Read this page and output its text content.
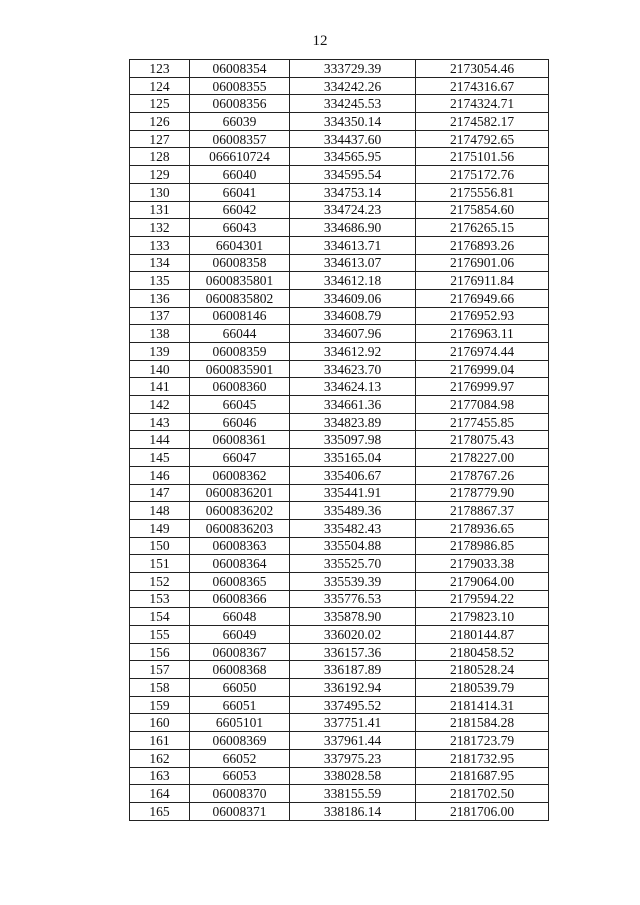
12
123	06008354	333729.39	2173054.46
124	06008355	334242.26	2174316.67
125	06008356	334245.53	2174324.71
126	66039	334350.14	2174582.17
127	06008357	334437.60	2174792.65
128	066610724	334565.95	2175101.56
129	66040	334595.54	2175172.76
130	66041	334753.14	2175556.81
131	66042	334724.23	2175854.60
132	66043	334686.90	2176265.15
133	6604301	334613.71	2176893.26
134	06008358	334613.07	2176901.06
135	0600835801	334612.18	2176911.84
136	0600835802	334609.06	2176949.66
137	06008146	334608.79	2176952.93
138	66044	334607.96	2176963.11
139	06008359	334612.92	2176974.44
140	0600835901	334623.70	2176999.04
141	06008360	334624.13	2176999.97
142	66045	334661.36	2177084.98
143	66046	334823.89	2177455.85
144	06008361	335097.98	2178075.43
145	66047	335165.04	2178227.00
146	06008362	335406.67	2178767.26
147	0600836201	335441.91	2178779.90
148	0600836202	335489.36	2178867.37
149	0600836203	335482.43	2178936.65
150	06008363	335504.88	2178986.85
151	06008364	335525.70	2179033.38
152	06008365	335539.39	2179064.00
153	06008366	335776.53	2179594.22
154	66048	335878.90	2179823.10
155	66049	336020.02	2180144.87
156	06008367	336157.36	2180458.52
157	06008368	336187.89	2180528.24
158	66050	336192.94	2180539.79
159	66051	337495.52	2181414.31
160	6605101	337751.41	2181584.28
161	06008369	337961.44	2181723.79
162	66052	337975.23	2181732.95
163	66053	338028.58	2181687.95
164	06008370	338155.59	2181702.50
165	06008371	338186.14	2181706.00
